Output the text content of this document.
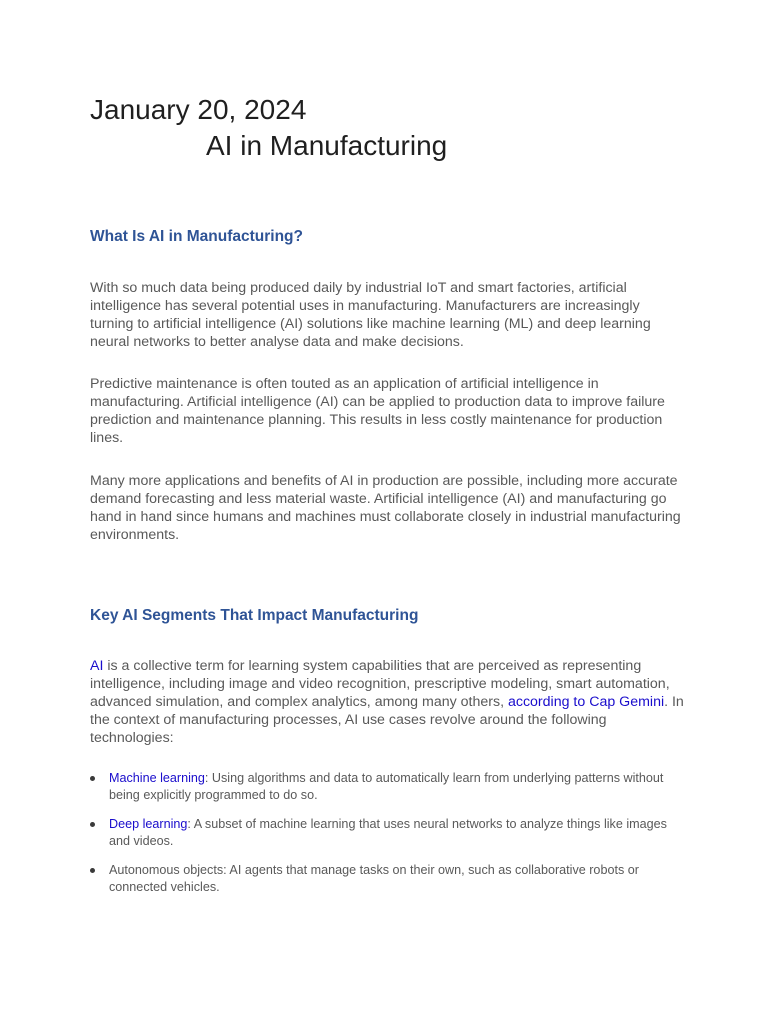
January 20, 2024
AI in Manufacturing
What Is AI in Manufacturing?

With so much data being produced daily by industrial IoT and smart factories, artificial intelligence has several potential uses in manufacturing. Manufacturers are increasingly turning to artificial intelligence (AI) solutions like machine learning (ML) and deep learning neural networks to better analyse data and make decisions.

Predictive maintenance is often touted as an application of artificial intelligence in manufacturing. Artificial intelligence (AI) can be applied to production data to improve failure prediction and maintenance planning. This results in less costly maintenance for production lines.

Many more applications and benefits of AI in production are possible, including more accurate demand forecasting and less material waste. Artificial intelligence (AI) and manufacturing go hand in hand since humans and machines must collaborate closely in industrial manufacturing environments.

Key AI Segments That Impact Manufacturing

AI is a collective term for learning system capabilities that are perceived as representing intelligence, including image and video recognition, prescriptive modeling, smart automation, advanced simulation, and complex analytics, among many others, according to Cap Gemini. In the context of manufacturing processes, AI use cases revolve around the following technologies:

Machine learning: Using algorithms and data to automatically learn from underlying patterns without being explicitly programmed to do so.
Deep learning: A subset of machine learning that uses neural networks to analyze things like images and videos.
Autonomous objects: AI agents that manage tasks on their own, such as collaborative robots or connected vehicles.
